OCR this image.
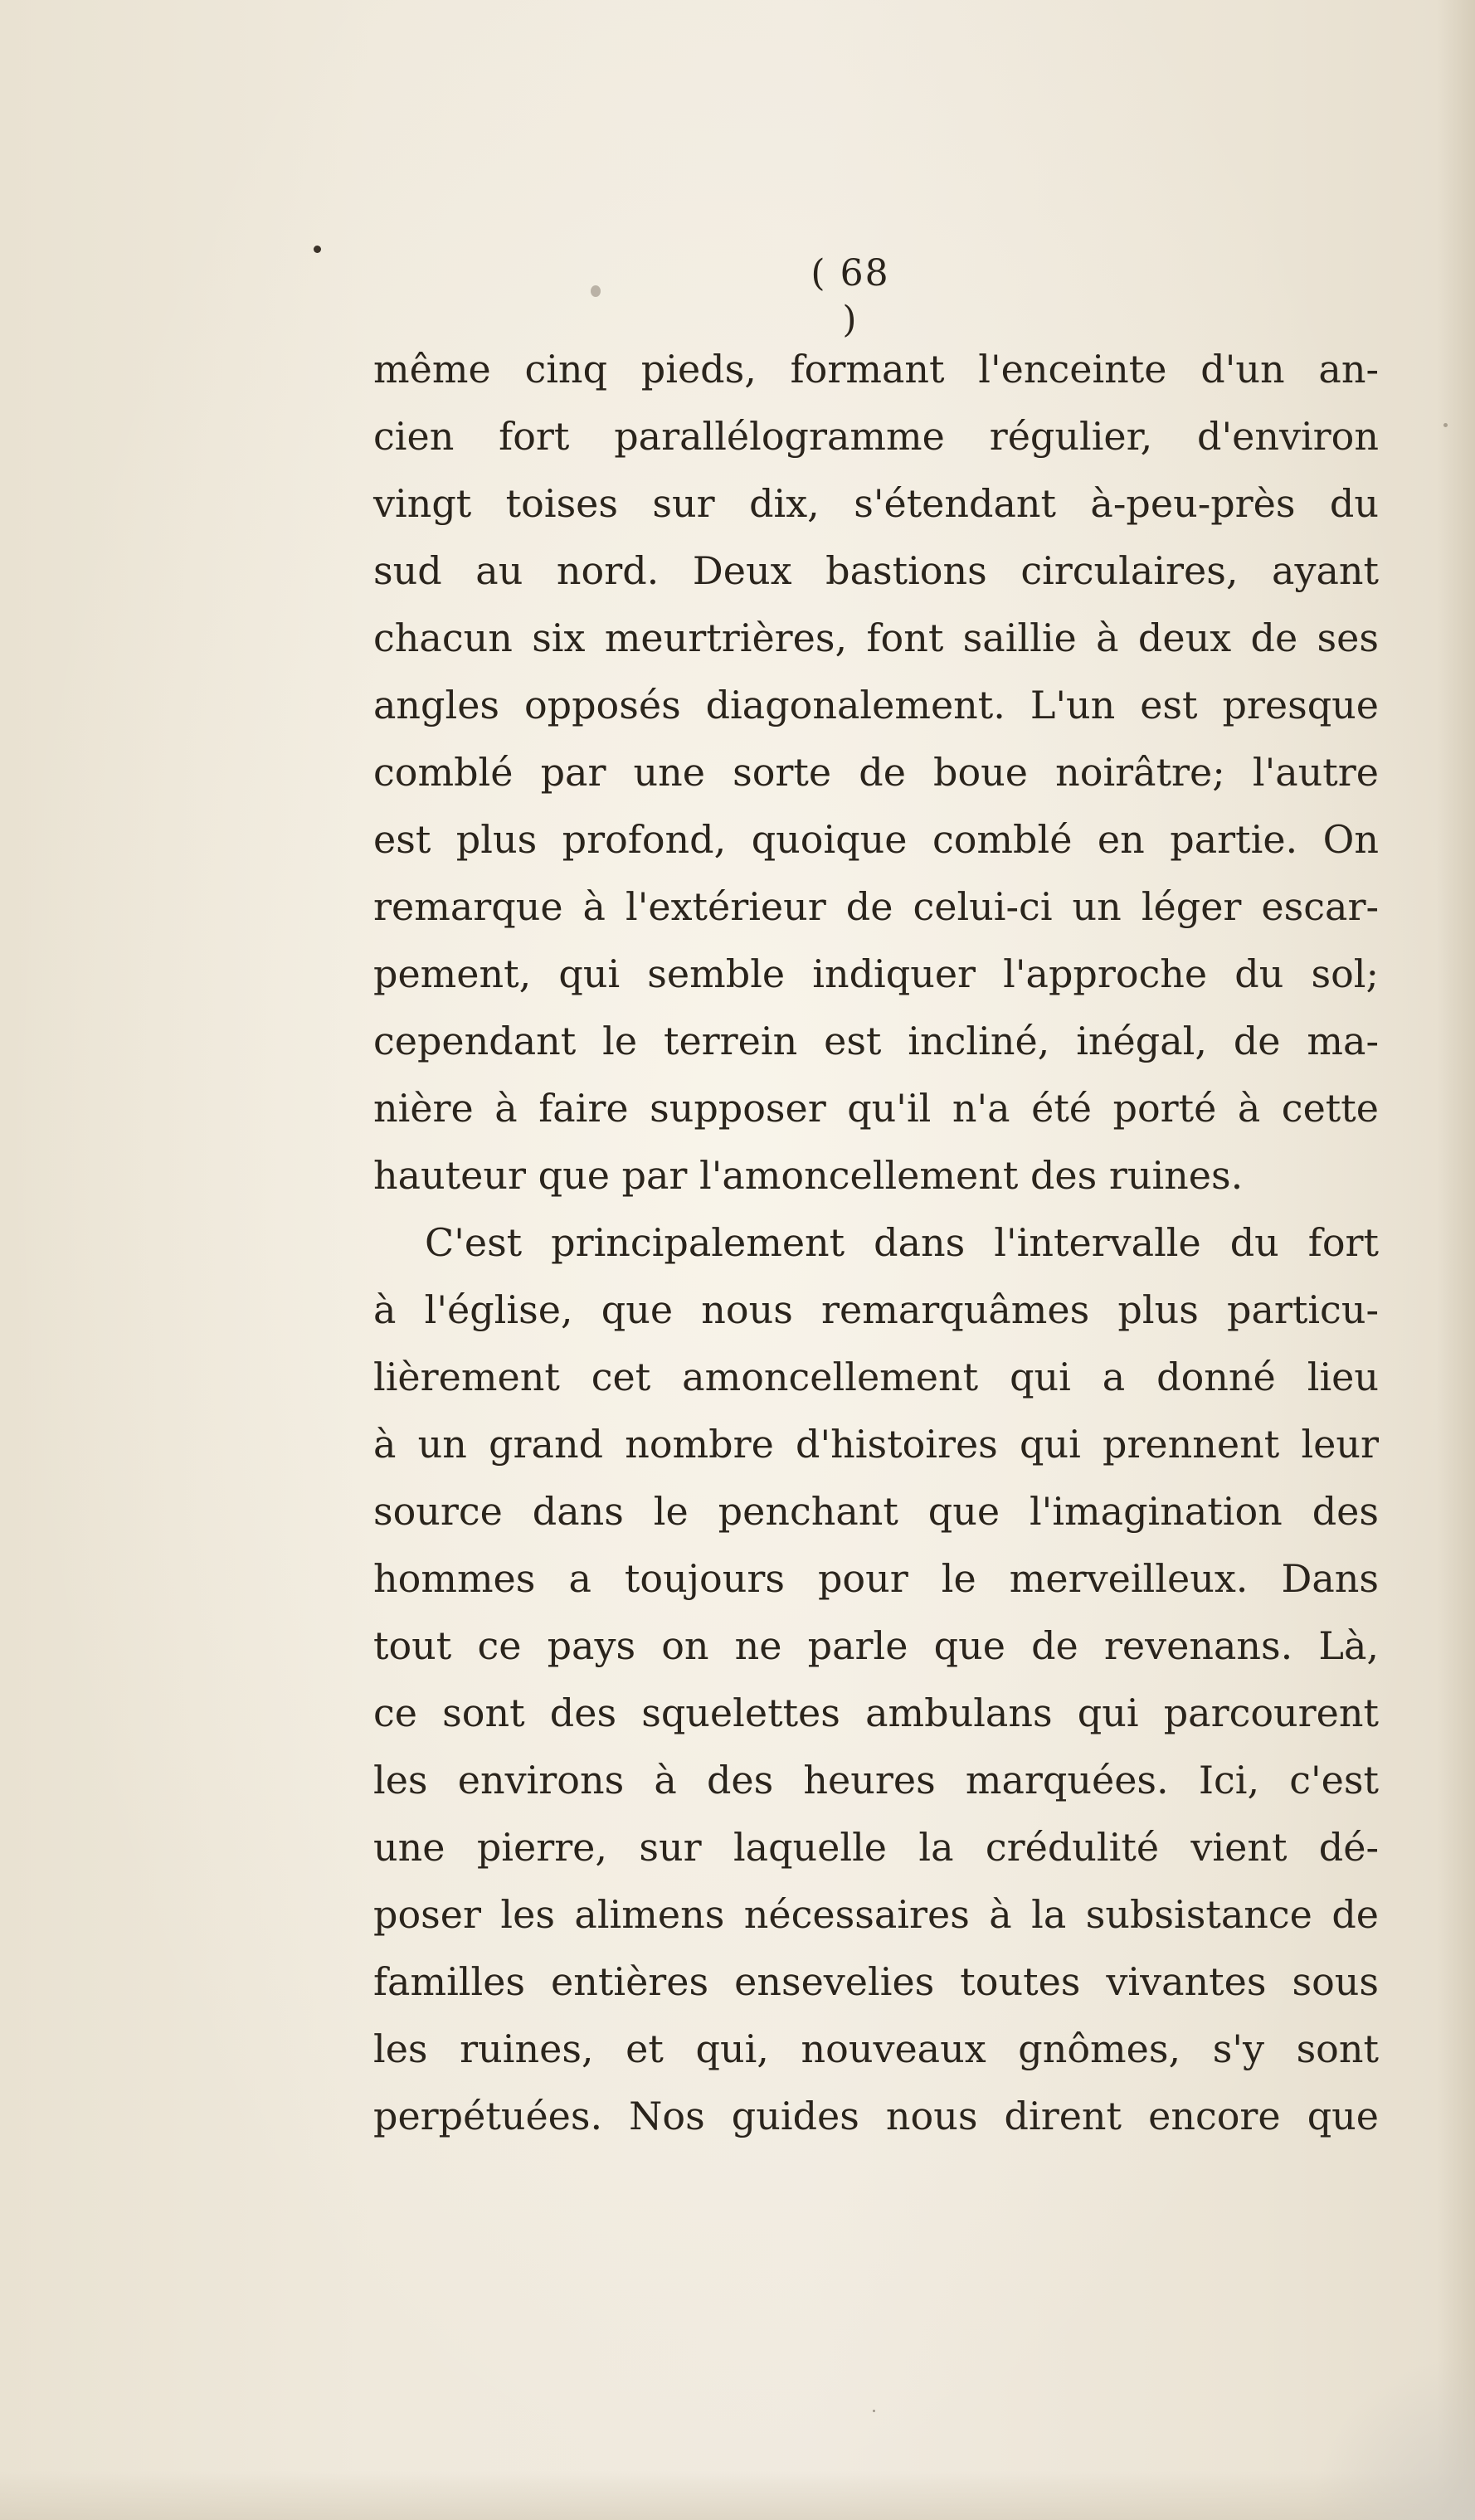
( 68 )
même cinq pieds, formant l'enceinte d'un an-
cien fort parallélogramme régulier, d'environ
vingt toises sur dix, s'étendant à-peu-près du
sud au nord. Deux bastions circulaires, ayant
chacun six meurtrières, font saillie à deux de ses
angles opposés diagonalement. L'un est presque
comblé par une sorte de boue noirâtre; l'autre
est plus profond, quoique comblé en partie. On
remarque à l'extérieur de celui-ci un léger escar-
pement, qui semble indiquer l'approche du sol;
cependant le terrein est incliné, inégal, de ma-
nière à faire supposer qu'il n'a été porté à cette
hauteur que par l'amoncellement des ruines.
C'est principalement dans l'intervalle du fort
à l'église, que nous remarquâmes plus particu-
lièrement cet amoncellement qui a donné lieu
à un grand nombre d'histoires qui prennent leur
source dans le penchant que l'imagination des
hommes a toujours pour le merveilleux. Dans
tout ce pays on ne parle que de revenans. Là,
ce sont des squelettes ambulans qui parcourent
les environs à des heures marquées. Ici, c'est
une pierre, sur laquelle la crédulité vient dé-
poser les alimens nécessaires à la subsistance de
familles entières ensevelies toutes vivantes sous
les ruines, et qui, nouveaux gnômes, s'y sont
perpétuées. Nos guides nous dirent encore que
